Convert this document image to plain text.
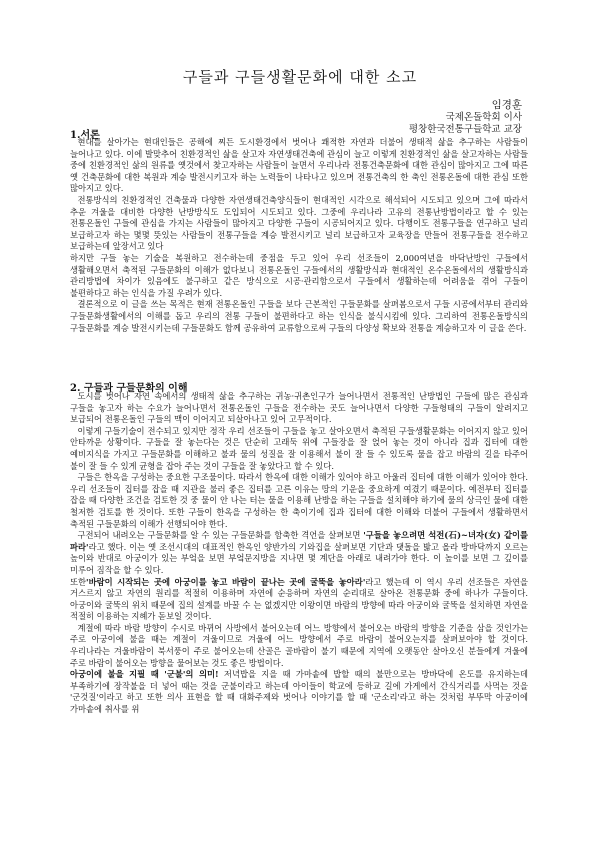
구들과 구들생활문화에 대한 소고
임경훈
국제온돌학회 이사
평창한국전통구들학교 교장
1.서론

현대를 살아가는 현대인들은 공해에 찌든 도시환경에서 벗어나 쾌적한 자연과 더불어 생태적 삶을 추구하는 사람들이 늘어나고 있다. 이에 발맞추어 친환경적인 삶을 살고자 자연생태건축에 관심이 늘고 이렇게 친환경적인 삶을 살고자하는 사람들 중에 친환경적인 삶의 원류를 옛것에서 찾고자하는 사람들이 늘면서 우리나라 전통건축문화에 대한 관심이 많아지고 그에 따른 옛 건축문화에 대한 복원과 계승 발전시키고자 하는 노력들이 나타나고 있으며 전통건축의 한 축인 전통온돌에 대한 관심 또한 많아지고 있다.

전통방식의 친환경적인 건축물과 다양한 자연생태건축양식들이 현대적인 시각으로 해석되어 시도되고 있으며 그에 따라서 추운 겨울을 대비한 다양한 난방방식도 도입되어 시도되고 있다. 그중에 우리나라 고유의 전통난방법이라고 할 수 있는 전통온돌인 구들에 관심을 가지는 사람들이 많아지고 다양한 구들이 시공되어지고 있다. 다행이도 전통구들을 연구하고 널리 보급하고자 하는 몇몇 뜻있는 사람들이 전통구들을 계승 발전시키고 널리 보급하고자 교육장을 만들어 전통구들을 전수하고 보급하는데 앞장서고 있다

하지만 구들 놓는 기술을 복원하고 전수하는데 중점을 두고 있어 우리 선조들이 2,000여년을 바닥난방인 구들에서 생활해오면서 축적된 구들문화의 이해가 없다보니 전통온돌인 구들에서의 생활방식과 현대적인 온수온돌에서의 생활방식과 관리방법에 차이가 있음에도 불구하고 같은 방식으로 시공·관리함으로서 구들에서 생활하는데 어려움을 겪어 구들이 불편하다고 하는 인식을 가질 우려가 있다.

결론적으로 이 글을 쓰는 목적은 현재 전통온돌인 구들을 보다 근본적인 구들문화를 살펴봄으로서 구들 시공에서부터 관리와 구들문화생활에서의 이해를 돕고 우리의 전통 구들이 불편하다고 하는 인식을 불식시킴에 있다. 그리하여 전통온돌방식의 구들문화를 계승 발전시키는데 구들문화도 함께 공유하여 교류함으로써 구들의 다양성 확보와 전통을 계승하고자 이 글을 쓴다.

2. 구들과 구들문화의 이해

도시를 벗어나 자연 속에서의 생태적 삶을 추구하는 귀농·귀촌인구가 늘어나면서 전통적인 난방법인 구들에 많은 관심과 구들을 놓고자 하는 수요가 늘어나면서 전통온돌인 구들을 전수하는 곳도 늘어나면서 다양한 구들형태의 구들이 알려지고 보급되어 전통온돌인 구들의 맥이 이어지고 되살아나고 있어 고무적이다.

이렇게 구들기술이 전수되고 있지만 정작 우리 선조들이 구들을 놓고 살아오면서 축적된 구들생활문화는 이어지지 않고 있어 안타까운 상황이다. 구들을 잘 놓는다는 것은 단순히 고래둑 위에 구들장을 잘 얹어 놓는 것이 아니라 집과 집터에 대한 예비지식을 가지고 구들문화를 이해하고 불과 물의 성질을 잘 이용해서 불이 잘 들 수 있도록 물을 잡고 바람의 길을 타주어 불이 잘 들 수 있게 균형을 잡아 주는 것이 구들을 잘 놓았다고 할 수 있다.

구들은 한옥을 구성하는 중요한 구조물이다. 따라서 한옥에 대한 이해가 있어야 하고 아울러 집터에 대한 이해가 있어야 한다. 우리 선조들이 집터를 잡을 때 지관을 불러 좋은 집터를 고른 이유는 땅의 기운을 중요하게 여겼기 때문이다. 예전부터 집터를 잡을 때 다양한 조건을 검토한 것 중 물이 안 나는 터는 물을 이용해 난방을 하는 구들을 설치해야 하기에 물의 상극인 물에 대한 철저한 검토를 한 것이다. 또한 구들이 한옥을 구성하는 한 축이기에 집과 집터에 대한 이해와 더불어 구들에서 생활하면서 축적된 구들문화의 이해가 선행되어야 한다.

구전되어 내려오는 구들문화를 알 수 있는 구들문화를 함축한 격언을 살펴보면 '구들을 놓으려면 석전(石)~녀자(女) 같이를 파라'라고 했다. 이는 옛 조선시대의 대표적인 한옥인 양반가의 기와집을 살펴보면 기단과 댓돌을 밟고 올라 방바닥까지 오르는 높이와 반대로 아궁이가 있는 부엌을 보면 부엌문지방을 지나면 몇 계단을 아래로 내려가야 한다. 이 높이를 보면 그 깊이를 미루어 짐작을 할 수 있다.

또한'바람이 시작되는 곳에 아궁이를 놓고 바람이 끝나는 곳에 굴뚝을 놓아라'라고 했는데 이 역시 우리 선조들은 자연을 거스르지 않고 자연의 원리를 적절히 이용하며 자연에 순응하며 자연의 순리대로 살아온 전통문화 중에 하나가 구들이다. 아궁이와 굴뚝의 위치 때문에 집의 설계를 바꿀 수 는 없겠지만 이왕이면 바람의 방향에 따라 아궁이와 굴뚝을 설치하면 자연을 적절히 이용하는 지혜가 돋보일 것이다.

계절에 따라 바람 방향이 수시로 바뀌어 사방에서 불어오는데 어느 방향에서 불어오는 바람의 방향을 기준을 삼을 것인가는 주로 아궁이에 불을 때는 계절이 겨울이므로 겨울에 어느 방향에서 주로 바람이 불어오는지를 살펴보아야 할 것이다. 우리나라는 겨울바람이 북서풍이 주로 불어오는데 산골은 골바람이 불기 때문에 지역에 오랫동안 살아오신 분들에게 겨울에 주로 바람이 불어오는 방향을 물어보는 것도 좋은 방법이다.

아궁이에 불을 지필 때 '군불'의 의미! 저녁밥을 지을 때 가마솥에 밥할 때의 불만으로는 방바닥에 온도를 유지하는데 부족하기에 장작불을 더 넣어 때는 것을 군불이라고 하는데 아이들이 학교에 등하교 길에 가게에서 간식거리를 사먹는 것을 '군것질'이라고 하고 또한 의사 표현을 할 때 대화주제와 벗어나 이야기를 할 때 '군소리'라고 하는 것처럼 부뚜막 아궁이에 가마솥에 취사를 위
